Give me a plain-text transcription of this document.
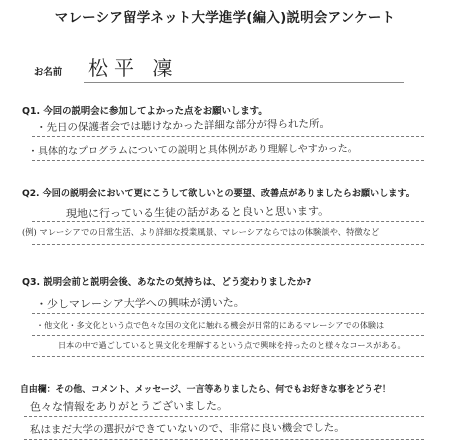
マレーシア留学ネット大学進学(編入)説明会アンケート
お名前 松平 凜
Q1. 今回の説明会に参加してよかった点をお願いします。
・先日の保護者会では聴けなかった詳細な部分が得られた所。
・具体的なプログラムについての説明と具体例があり理解しやすかった。
Q2. 今回の説明会において更にこうして欲しいとの要望、改善点がありましたらお願いします。
現地に行っている生徒の話があると良いと思います。
(例) マレーシアでの日常生活、より詳細な授業風景、マレーシアならではの体験談や、特徴など
Q3. 説明会前と説明会後、あなたの気持ちは、どう変わりましたか?
・少しマレーシア大学への興味が湧いた。
・他文化・多文化という点で色々な国の文化に触れる機会が日常的にあるマレーシアでの体験は
日本の中で過ごしていると異文化を理解するという点で興味を持ったのと様々なコースがある。
自由欄：その他、コメント、メッセージ、一言等ありましたら、何でもお好きな事をどうぞ！
色々な情報をありがとうございました。
私はまだ大学の選択ができていないので、非常に良い機会でした。
